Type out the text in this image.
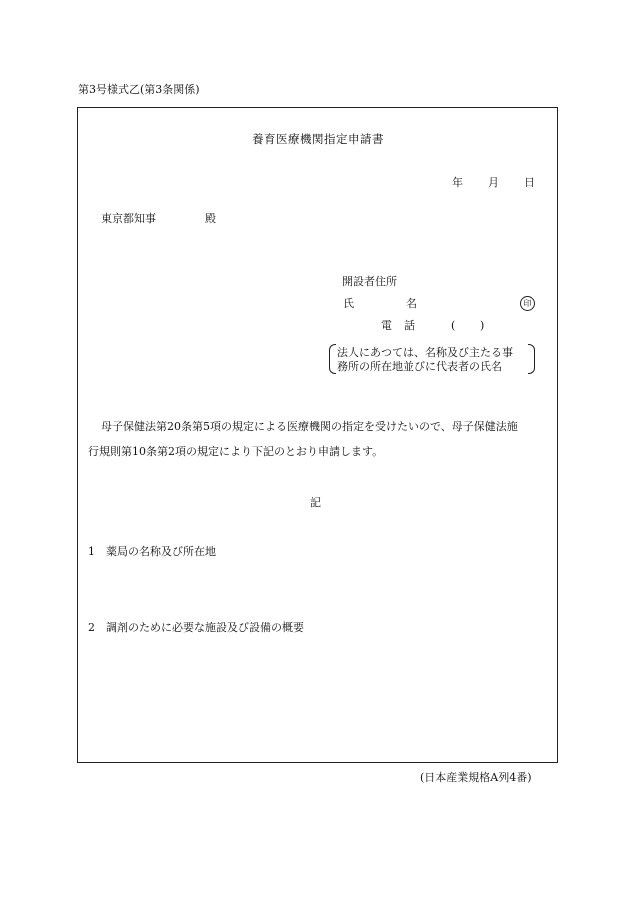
第3号様式乙(第3条関係)
養育医療機関指定申請書
年 月 日
東京都知事	殿
開設者住所
氏	名	印
電 話	( )
法人にあつては、名称及び主たる事
務所の所在地並びに代表者の氏名
母子保健法第20条第5項の規定による医療機関の指定を受けたいので、母子保健法施
行規則第10条第2項の規定により下記のとおり申請します。
記
1　薬局の名称及び所在地
2　調剤のために必要な施設及び設備の概要
(日本産業規格A列4番)
